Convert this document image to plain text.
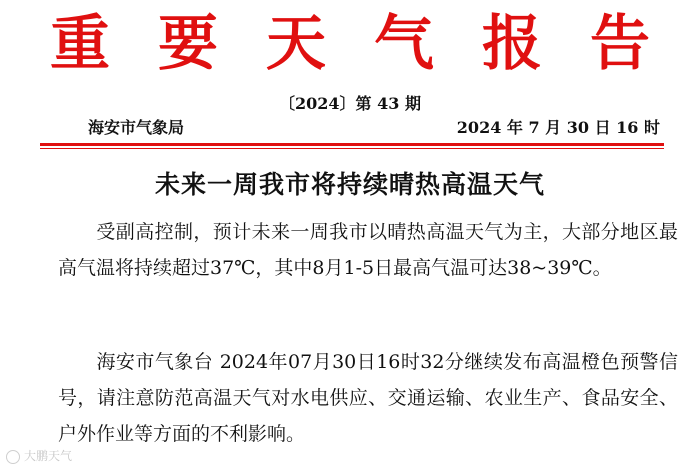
重要天气报告
〔2024〕第 43 期
海安市气象局	2024 年 7 月 30 日 16 时
未来一周我市将持续晴热高温天气
受副高控制，预计未来一周我市以晴热高温天气为主，大部分地区最高气温将持续超过37℃，其中8月1-5日最高气温可达38~39℃。
海安市气象台 2024年07月30日16时32分继续发布高温橙色预警信号，请注意防范高温天气对水电供应、交通运输、农业生产、食品安全、户外作业等方面的不利影响。
大鹏天气
